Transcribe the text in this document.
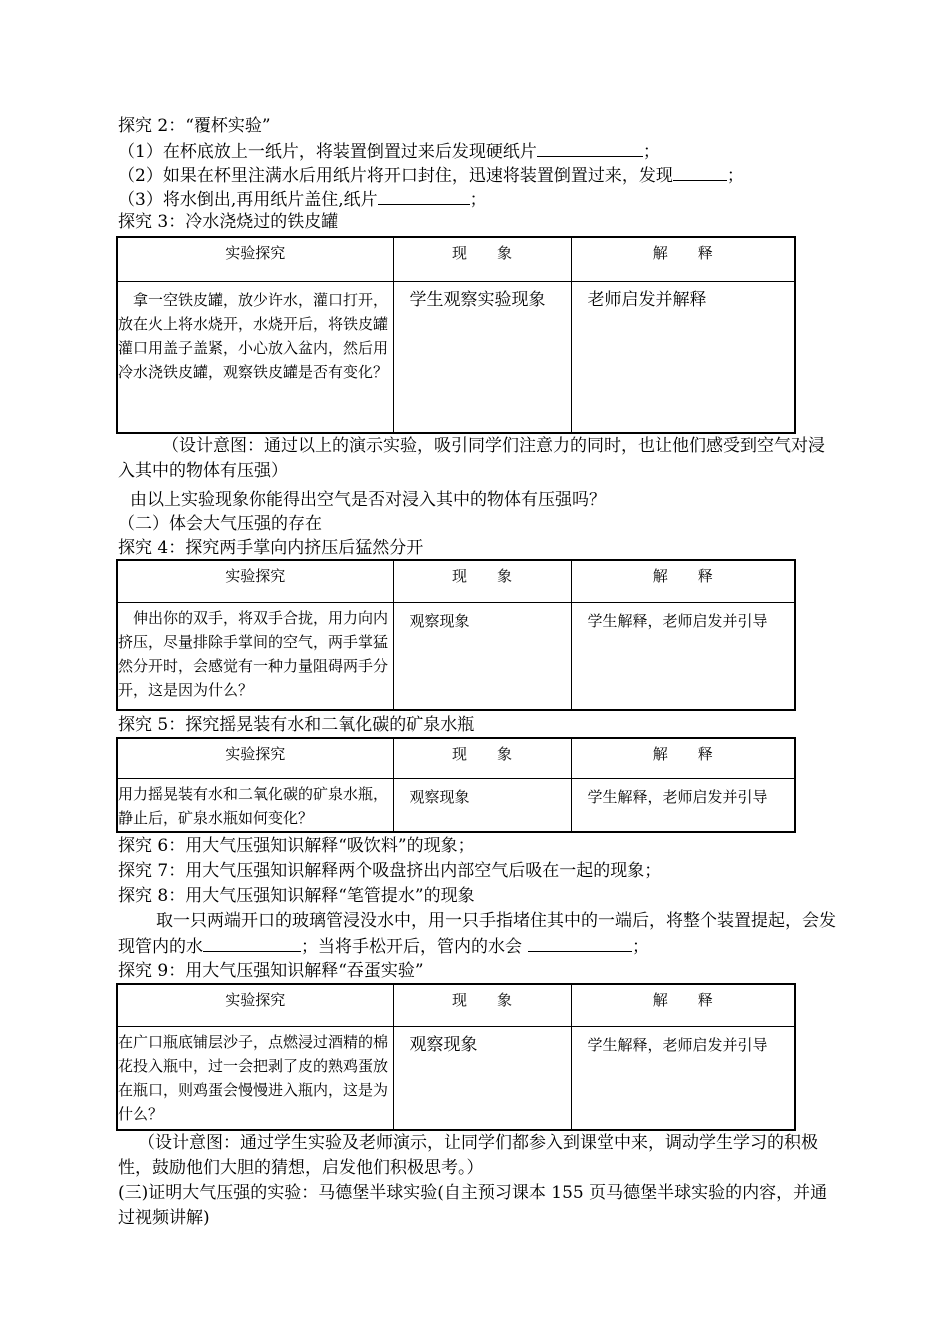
探究 2：“覆杯实验”
（1）在杯底放上一纸片，将装置倒置过来后发现硬纸片	；
（2）如果在杯里注满水后用纸片将开口封住，迅速将装置倒置过来，发现	；
（3）将水倒出,再用纸片盖住,纸片	；
探究 3：冷水浇烧过的铁皮罐
实验探究	现　　象	解　　释

拿一空铁皮罐，放少许水，灌口打开，放在火上将水烧开，水烧开后，将铁皮罐灌口用盖子盖紧，小心放入盆内，然后用冷水浇铁皮罐，观察铁皮罐是否有变化？	学生观察实验现象	老师启发并解释
（设计意图：通过以上的演示实验，吸引同学们注意力的同时，也让他们感受到空气对浸入其中的物体有压强）
由以上实验现象你能得出空气是否对浸入其中的物体有压强吗？
（二）体会大气压强的存在
探究 4：探究两手掌向内挤压后猛然分开
实验探究	现　　象	解　　释

伸出你的双手，将双手合拢，用力向内挤压，尽量排除手掌间的空气，两手掌猛然分开时，会感觉有一种力量阻碍两手分开，这是因为什么？	观察现象	学生解释，老师启发并引导
探究 5：探究摇晃装有水和二氧化碳的矿泉水瓶
实验探究	现　　象	解　　释

用力摇晃装有水和二氧化碳的矿泉水瓶，静止后，矿泉水瓶如何变化？	观察现象	学生解释，老师启发并引导
探究 6：用大气压强知识解释“吸饮料”的现象；
探究 7：用大气压强知识解释两个吸盘挤出内部空气后吸在一起的现象；
探究 8：用大气压强知识解释“笔管提水”的现象
取一只两端开口的玻璃管浸没水中，用一只手指堵住其中的一端后，将整个装置提起，会发现管内的水	；当将手松开后，管内的水会	；
探究 9：用大气压强知识解释“吞蛋实验”
实验探究	现　　象	解　　释

在广口瓶底铺层沙子，点燃浸过酒精的棉花投入瓶中，过一会把剥了皮的熟鸡蛋放在瓶口，则鸡蛋会慢慢进入瓶内，这是为什么？	观察现象	学生解释，老师启发并引导
（设计意图：通过学生实验及老师演示，让同学们都参入到课堂中来，调动学生学习的积极性，鼓励他们大胆的猜想，启发他们积极思考。）
(三)证明大气压强的实验：马德堡半球实验(自主预习课本 155 页马德堡半球实验的内容，并通过视频讲解)
